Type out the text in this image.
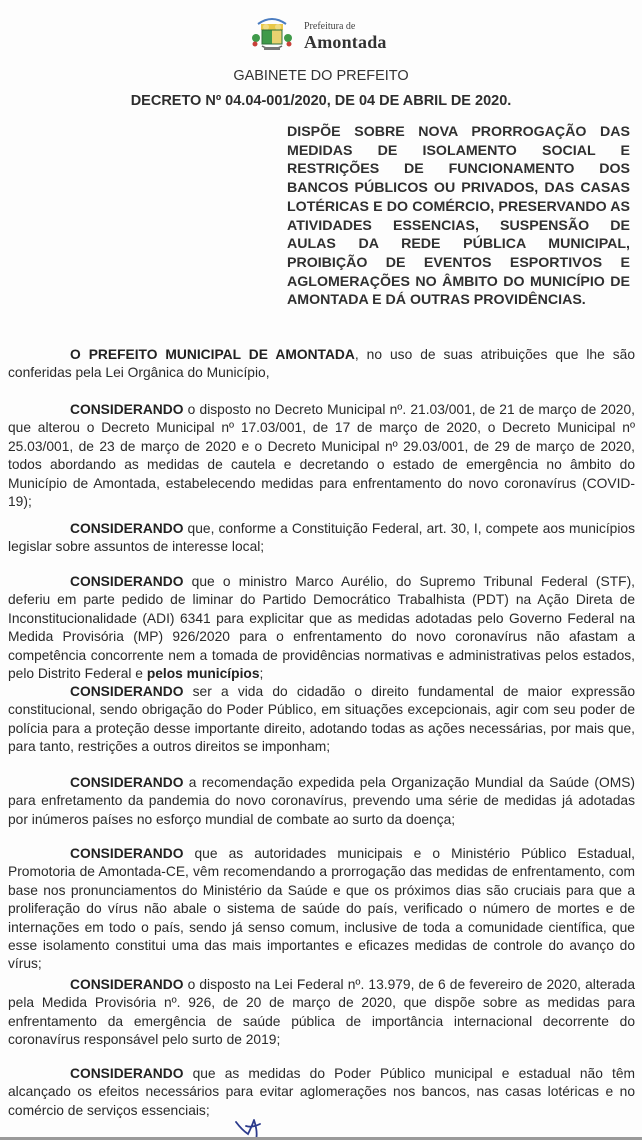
Prefeitura de
Amontada
GABINETE DO PREFEITO
DECRETO Nº 04.04-001/2020, DE 04 DE ABRIL DE 2020.
DISPÕE SOBRE NOVA PRORROGAÇÃO DAS MEDIDAS DE ISOLAMENTO SOCIAL E RESTRIÇÕES DE FUNCIONAMENTO DOS BANCOS PÚBLICOS OU PRIVADOS, DAS CASAS LOTÉRICAS E DO COMÉRCIO, PRESERVANDO AS ATIVIDADES ESSENCIAS, SUSPENSÃO DE AULAS DA REDE PÚBLICA MUNICIPAL, PROIBIÇÃO DE EVENTOS ESPORTIVOS E AGLOMERAÇÕES NO ÂMBITO DO MUNICÍPIO DE AMONTADA E DÁ OUTRAS PROVIDÊNCIAS.

O PREFEITO MUNICIPAL DE AMONTADA, no uso de suas atribuições que lhe são conferidas pela Lei Orgânica do Município,

CONSIDERANDO o disposto no Decreto Municipal nº. 21.03/001, de 21 de março de 2020, que alterou o Decreto Municipal nº 17.03/001, de 17 de março de 2020, o Decreto Municipal nº 25.03/001, de 23 de março de 2020 e o Decreto Municipal nº 29.03/001, de 29 de março de 2020, todos abordando as medidas de cautela e decretando o estado de emergência no âmbito do Município de Amontada, estabelecendo medidas para enfrentamento do novo coronavírus (COVID-19);

CONSIDERANDO que, conforme a Constituição Federal, art. 30, I, compete aos municípios legislar sobre assuntos de interesse local;

CONSIDERANDO que o ministro Marco Aurélio, do Supremo Tribunal Federal (STF), deferiu em parte pedido de liminar do Partido Democrático Trabalhista (PDT) na Ação Direta de Inconstitucionalidade (ADI) 6341 para explicitar que as medidas adotadas pelo Governo Federal na Medida Provisória (MP) 926/2020 para o enfrentamento do novo coronavírus não afastam a competência concorrente nem a tomada de providências normativas e administrativas pelos estados, pelo Distrito Federal e pelos municípios;

CONSIDERANDO ser a vida do cidadão o direito fundamental de maior expressão constitucional, sendo obrigação do Poder Público, em situações excepcionais, agir com seu poder de polícia para a proteção desse importante direito, adotando todas as ações necessárias, por mais que, para tanto, restrições a outros direitos se imponham;

CONSIDERANDO a recomendação expedida pela Organização Mundial da Saúde (OMS) para enfretamento da pandemia do novo coronavírus, prevendo uma série de medidas já adotadas por inúmeros países no esforço mundial de combate ao surto da doença;

CONSIDERANDO que as autoridades municipais e o Ministério Público Estadual, Promotoria de Amontada-CE, vêm recomendando a prorrogação das medidas de enfrentamento, com base nos pronunciamentos do Ministério da Saúde e que os próximos dias são cruciais para que a proliferação do vírus não abale o sistema de saúde do país, verificado o número de mortes e de internações em todo o país, sendo já senso comum, inclusive de toda a comunidade científica, que esse isolamento constitui uma das mais importantes e eficazes medidas de controle do avanço do vírus;

CONSIDERANDO o disposto na Lei Federal nº. 13.979, de 6 de fevereiro de 2020, alterada pela Medida Provisória nº. 926, de 20 de março de 2020, que dispõe sobre as medidas para enfrentamento da emergência de saúde pública de importância internacional decorrente do coronavírus responsável pelo surto de 2019;

CONSIDERANDO que as medidas do Poder Público municipal e estadual não têm alcançado os efeitos necessários para evitar aglomerações nos bancos, nas casas lotéricas e no comércio de serviços essenciais;
